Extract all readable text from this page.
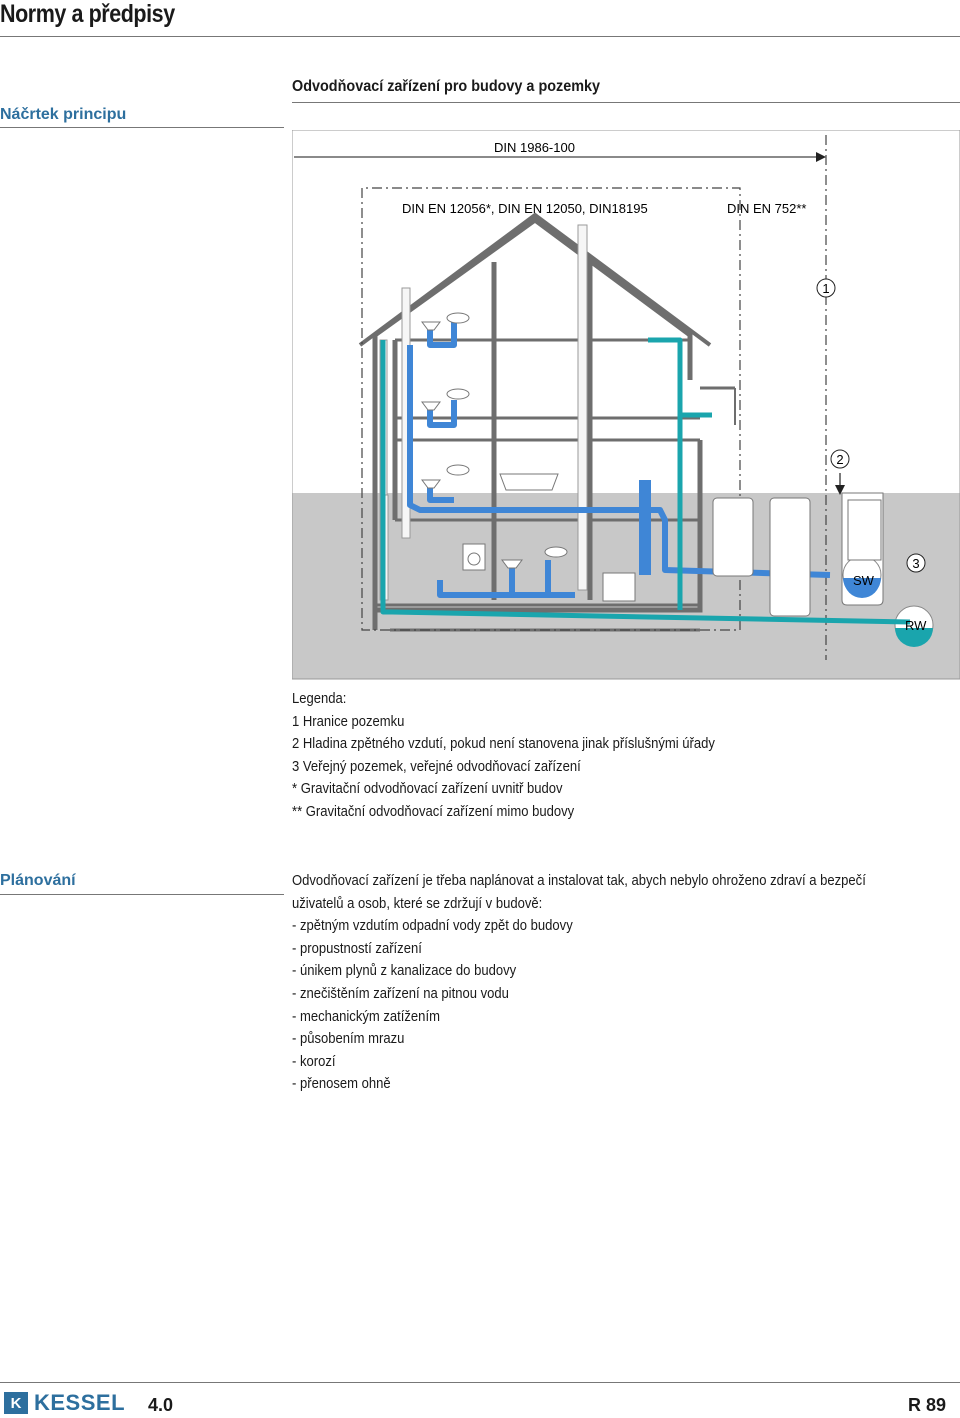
Normy a předpisy
Náčrtek principu
Odvodňovací zařízení pro budovy a pozemky
DIN 1986-100
DIN EN 12056*, DIN EN 12050, DIN18195	DIN EN 752**
1
2
3
SW
RW
Legenda:
1 Hranice pozemku
2 Hladina zpětného vzdutí, pokud není stanovena jinak příslušnými úřady
3 Veřejný pozemek, veřejné odvodňovací zařízení
* Gravitační odvodňovací zařízení uvnitř budov
** Gravitační odvodňovací zařízení mimo budovy
Plánování	Odvodňovací zařízení je třeba naplánovat a instalovat tak, abych nebylo ohroženo zdraví a bezpečí
uživatelů a osob, které se zdržují v budově:
- zpětným vzdutím odpadní vody zpět do budovy
- propustností zařízení
- únikem plynů z kanalizace do budovy
- znečištěním zařízení na pitnou vodu
- mechanickým zatížením
- působením mrazu
- korozí
- přenosem ohně
K KESSEL 4.0	R 89
